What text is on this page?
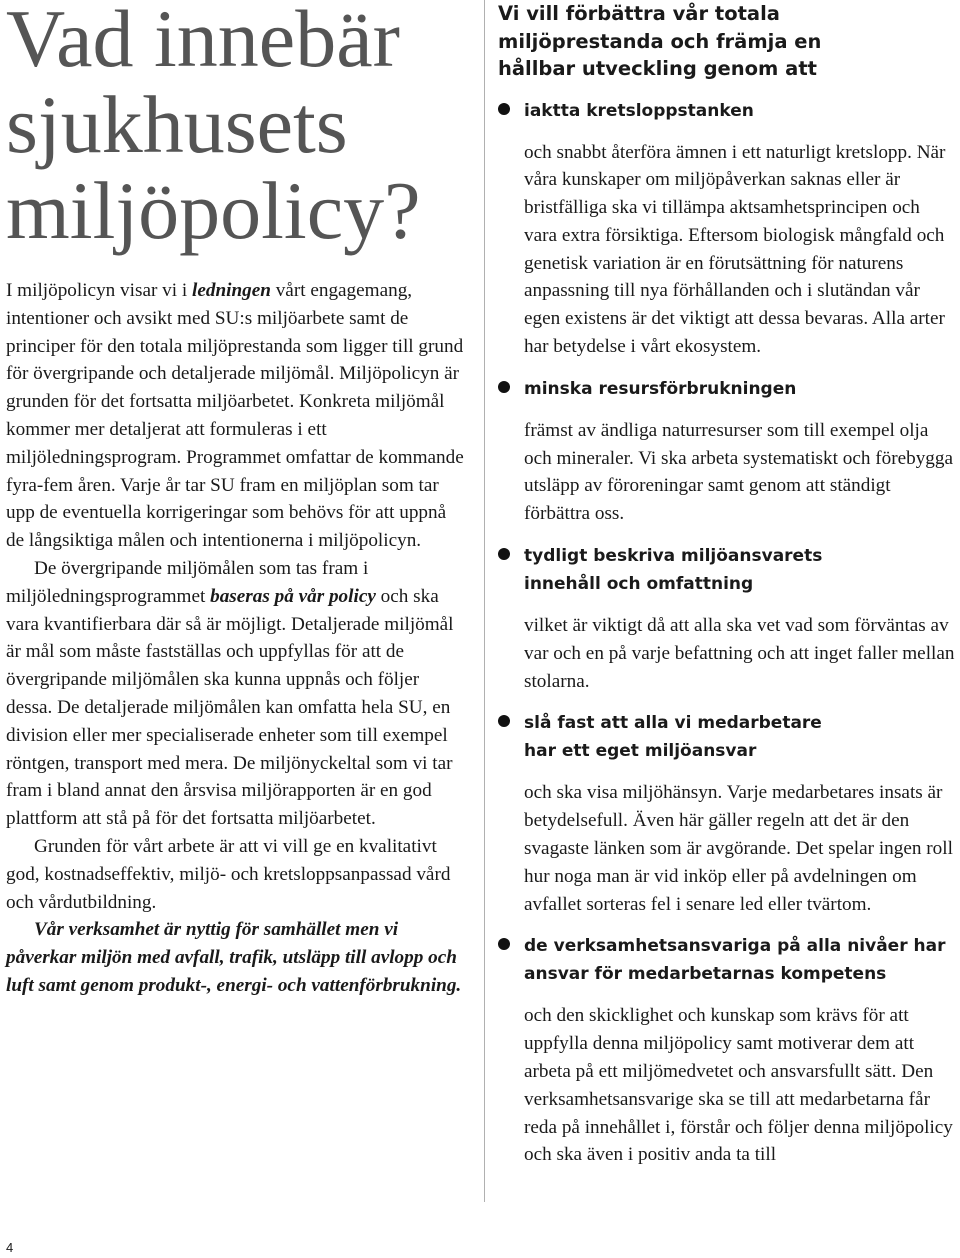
Vad innebär
sjukhusets
miljöpolicy?

I miljöpolicyn visar vi i ledningen vårt engagemang, intentioner och avsikt med SU:s miljöarbete samt de principer för den totala miljöprestanda som ligger till grund för övergripande och detaljerade miljömål. Miljöpolicyn är grunden för det fortsatta miljöarbetet. Konkreta miljömål kommer mer detaljerat att formuleras i ett miljöledningsprogram. Programmet omfattar de kommande fyra-fem åren. Varje år tar SU fram en miljöplan som tar upp de eventuella korrigeringar som behövs för att uppnå de långsiktiga målen och intentionerna i miljöpolicyn.

De övergripande miljömålen som tas fram i miljöledningsprogrammet baseras på vår policy och ska vara kvantifierbara där så är möjligt. Detaljerade miljömål är mål som måste fastställas och uppfyllas för att de övergripande miljömålen ska kunna uppnås och följer dessa. De detaljerade miljömålen kan omfatta hela SU, en division eller mer specialiserade enheter som till exempel röntgen, transport med mera. De miljönyckeltal som vi tar fram i bland annat den årsvisa miljörapporten är en god plattform att stå på för det fortsatta miljöarbetet.

Grunden för vårt arbete är att vi vill ge en kvalitativt god, kostnadseffektiv, miljö- och kretsloppsanpassad vård och vårdutbildning.

Vår verksamhet är nyttig för samhället men vi påverkar miljön med avfall, trafik, utsläpp till avlopp och luft samt genom produkt-, energi- och vattenförbrukning.

Vi vill förbättra vår totala
miljöprestanda och främja en
hållbar utveckling genom att
iaktta kretsloppstanken

och snabbt återföra ämnen i ett naturligt kretslopp. När våra kunskaper om miljöpåverkan saknas eller är bristfälliga ska vi tillämpa aktsamhetsprincipen och vara extra försiktiga. Eftersom biologisk mångfald och genetisk variation är en förutsättning för naturens anpassning till nya förhållanden och i slutändan vår egen existens är det viktigt att dessa bevaras. Alla arter har betydelse i vårt ekosystem.

minska resursförbrukningen

främst av ändliga naturresurser som till exempel olja och mineraler. Vi ska arbeta systematiskt och förebygga utsläpp av föroreningar samt genom att ständigt förbättra oss.

tydligt beskriva miljöansvarets
innehåll och omfattning

vilket är viktigt då att alla ska vet vad som förväntas av var och en på varje befattning och att inget faller mellan stolarna.

slå fast att alla vi medarbetare
har ett eget miljöansvar

och ska visa miljöhänsyn. Varje medarbetares insats är betydelsefull. Även här gäller regeln att det är den svagaste länken som är avgörande. Det spelar ingen roll hur noga man är vid inköp eller på avdelningen om avfallet sorteras fel i senare led eller tvärtom.

de verksamhetsansvariga på alla nivåer har
ansvar för medarbetarnas kompetens

och den skicklighet och kunskap som krävs för att uppfylla denna miljöpolicy samt motiverar dem att arbeta på ett miljömedvetet och ansvarsfullt sätt. Den verksamhetsansvarige ska se till att medarbetarna får reda på innehållet i, förstår och följer denna miljöpolicy och ska även i positiv anda ta till

4
